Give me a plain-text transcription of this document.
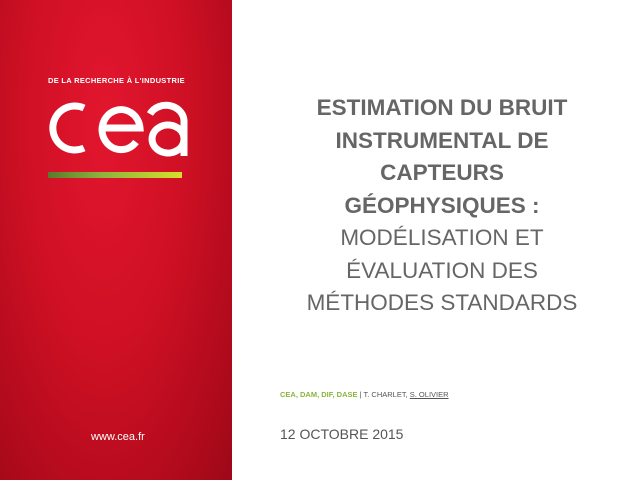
DE LA RECHERCHE À L'INDUSTRIE
www.cea.fr
ESTIMATION DU BRUIT
INSTRUMENTAL DE
CAPTEURS
GÉOPHYSIQUES :
MODÉLISATION ET
ÉVALUATION DES
MÉTHODES STANDARDS
CEA, DAM, DIF, DASE | T. CHARLET, S. OLIVIER
12 OCTOBRE 2015
